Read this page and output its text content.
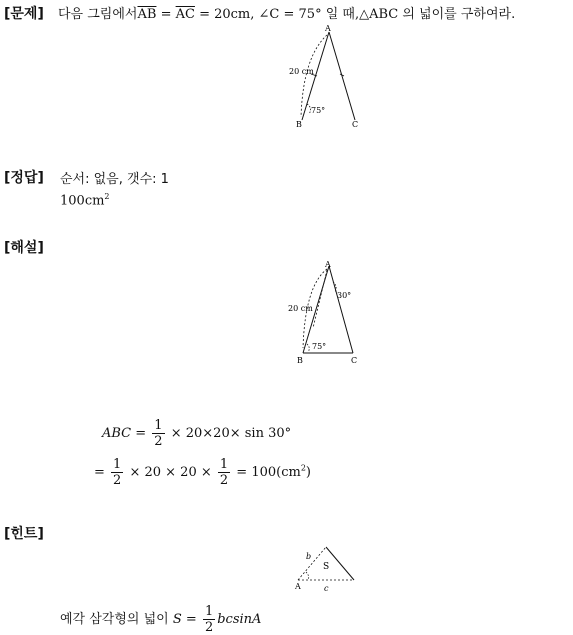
[문제] 다음 그림에서$\overline{AB} = \overline{AC} = 20cm$, ∠C = 75° 일 때,△ABC 의 넓이를 구하여라.
A
B	C
20 cm
75°
[정답] 순서: 없음, 갯수: 1
$100cm^2$
[해설]
A
B	C
20 cm
30°
75°
ABC = $\frac{1}{2} \times 20\times 20\times \sin 30^\circ$
= $\frac{1}{2} \times 20 \times 20 \times \frac{1}{2} = 100(cm^2)$
[힌트]
A
S
b
c
예각 삼각형의 넓이 $S = \frac{1}{2}$ bcsinA
